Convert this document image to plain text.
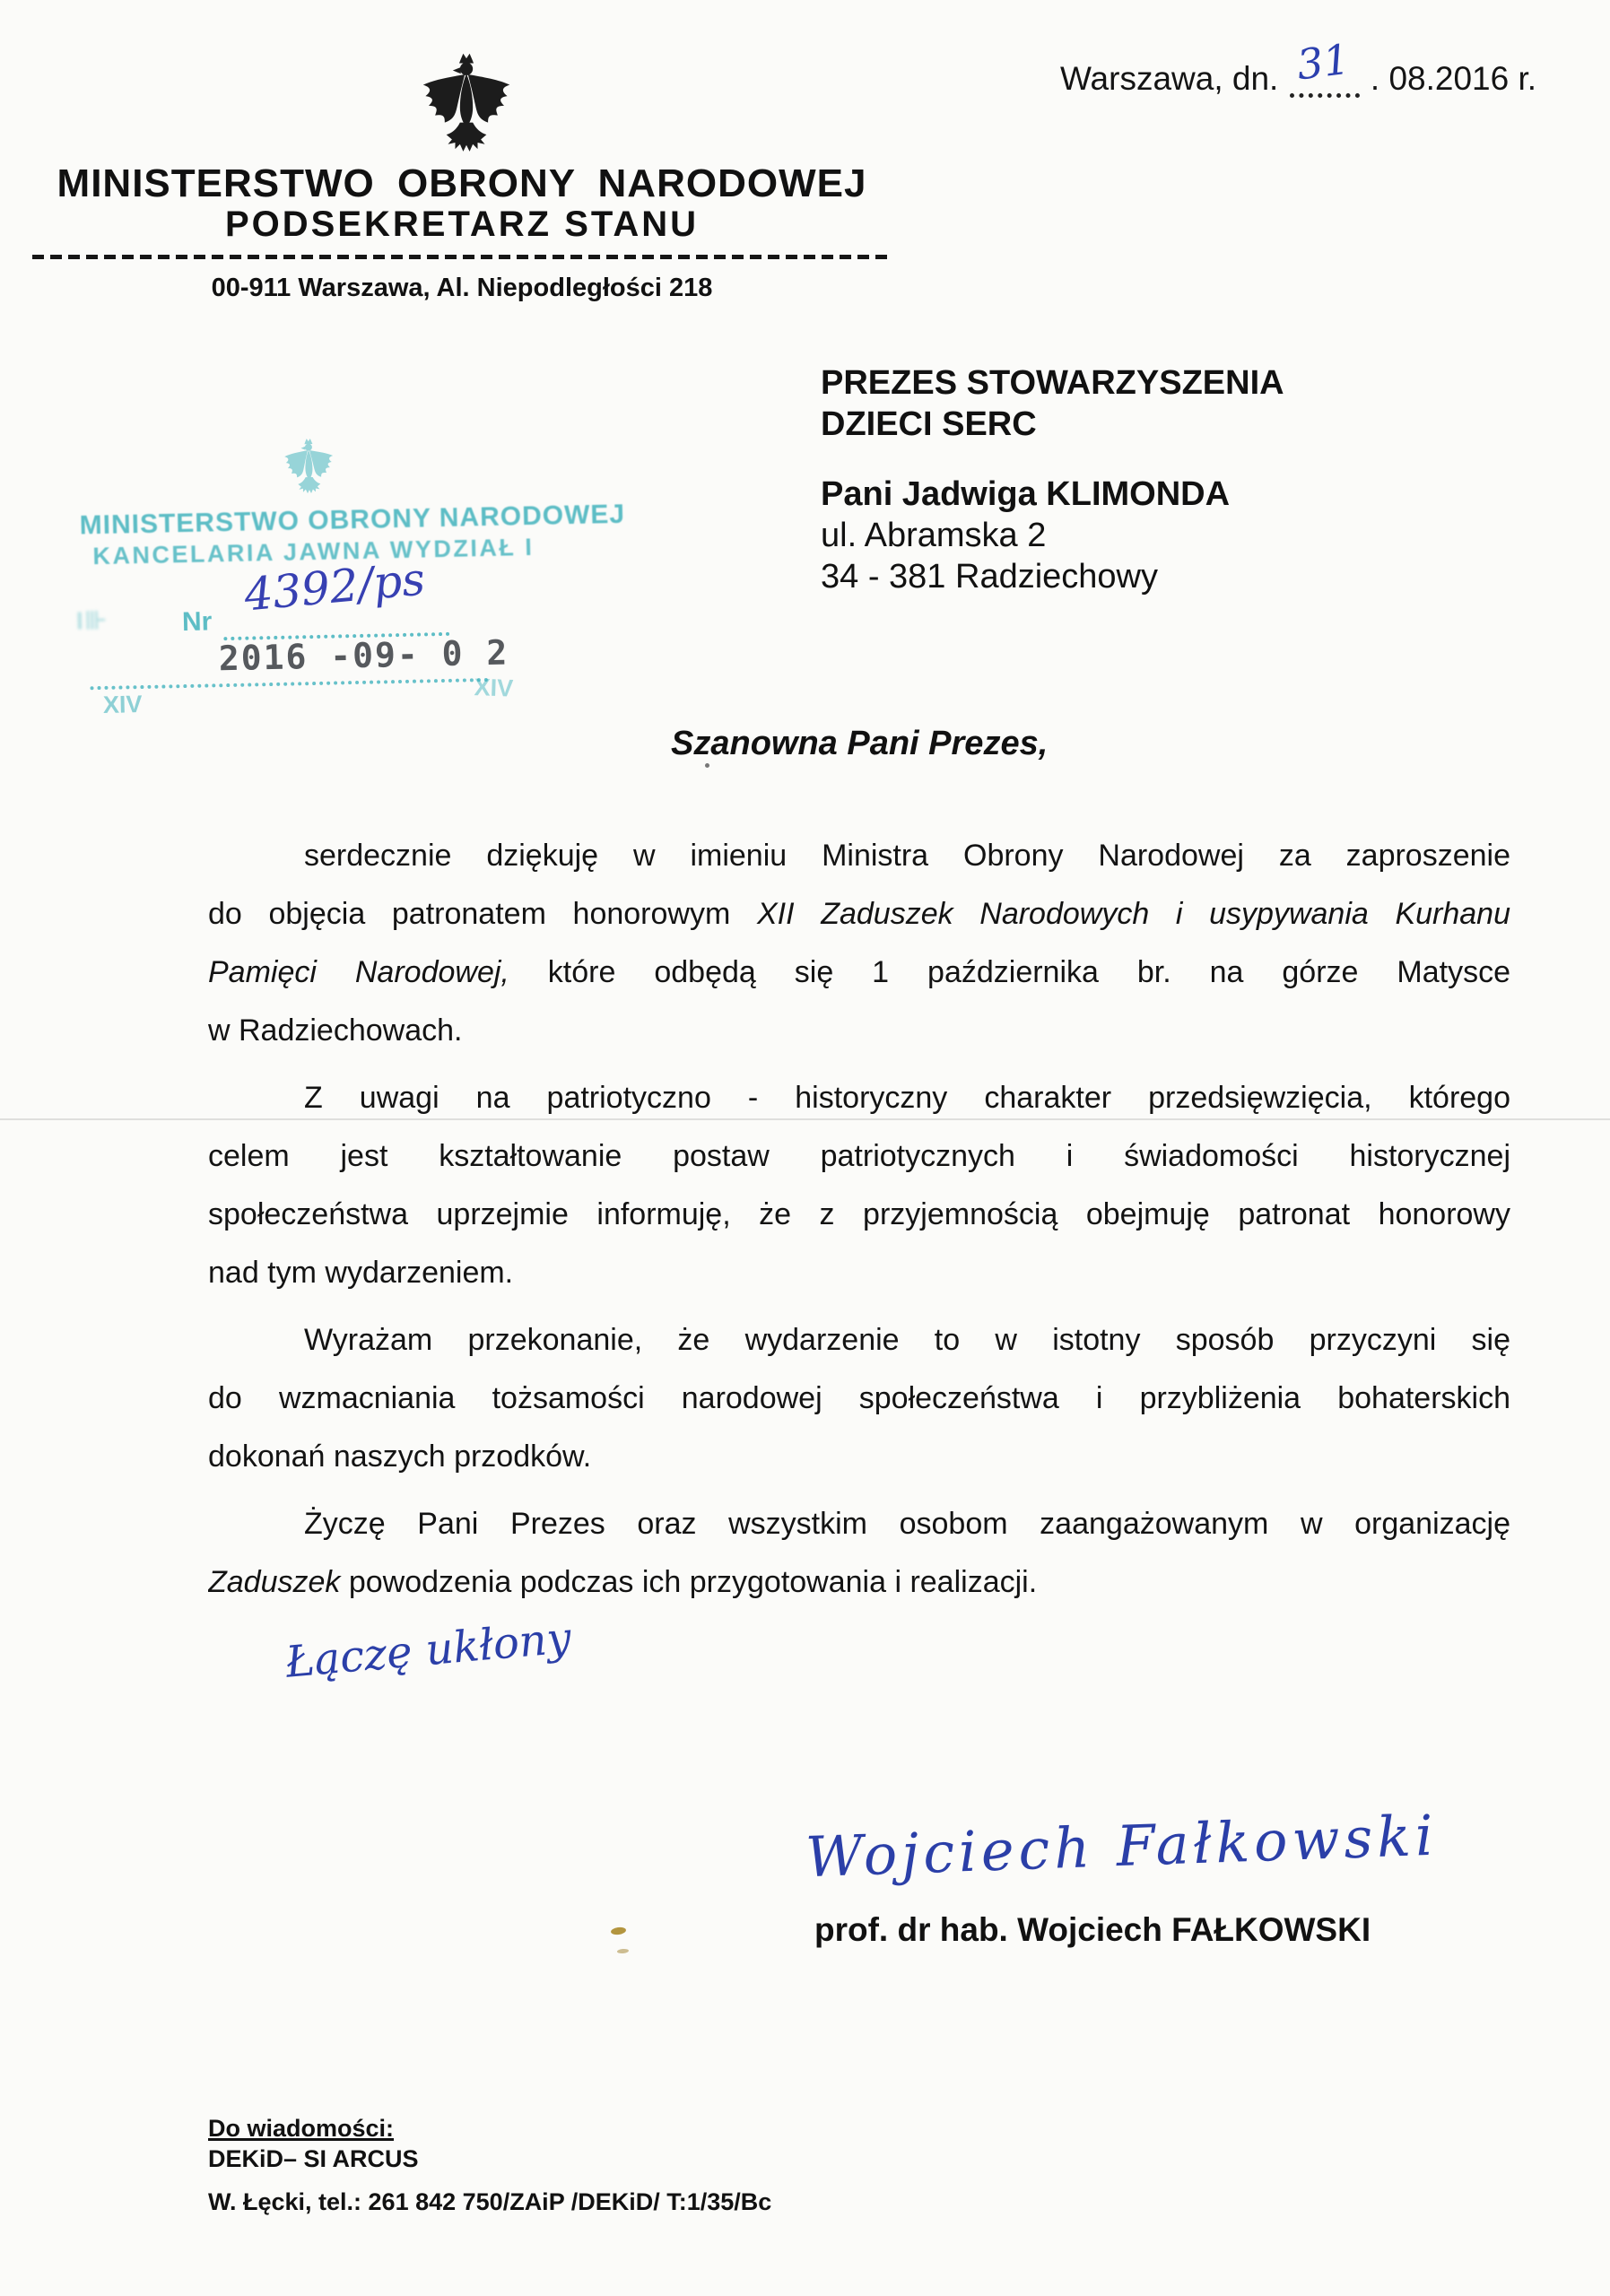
Warszawa, dn. 31 . 08.2016 r.
MINISTERSTWO OBRONY NARODOWEJ
PODSEKRETARZ STANU
00-911 Warszawa, Al. Niepodległości 218
PREZES STOWARZYSZENIA
DZIECI SERC
Pani Jadwiga KLIMONDA
ul. Abramska 2
34 - 381 Radziechowy
MINISTERSTWO OBRONY NARODOWEJ
KANCELARIA JAWNA WYDZIAŁ I
I⊪	Nr
4392/ps
2016 -09- 0 2
XIV
XIV
Szanowna Pani Prezes,
serdecznie dziękuję w imieniu Ministra Obrony Narodowej za zaproszenie
do objęcia patronatem honorowym XII Zaduszek Narodowych i usypywania Kurhanu
Pamięci Narodowej, które odbędą się 1 października br. na górze Matysce
w Radziechowach.
Z uwagi na patriotyczno - historyczny charakter przedsięwzięcia, którego
celem jest kształtowanie postaw patriotycznych i świadomości historycznej
społeczeństwa uprzejmie informuję, że z przyjemnością obejmuję patronat honorowy
nad tym wydarzeniem.
Wyrażam przekonanie, że wydarzenie to w istotny sposób przyczyni się
do wzmacniania tożsamości narodowej społeczeństwa i przybliżenia bohaterskich
dokonań naszych przodków.
Życzę Pani Prezes oraz wszystkim osobom zaangażowanym w organizację
Zaduszek powodzenia podczas ich przygotowania i realizacji.
Łączę ukłony
Wojciech Fałkowski
prof. dr hab. Wojciech FAŁKOWSKI
Do wiadomości:
DEKiD– SI ARCUS
W. Łęcki, tel.: 261 842 750/ZAiP /DEKiD/ T:1/35/Bc
